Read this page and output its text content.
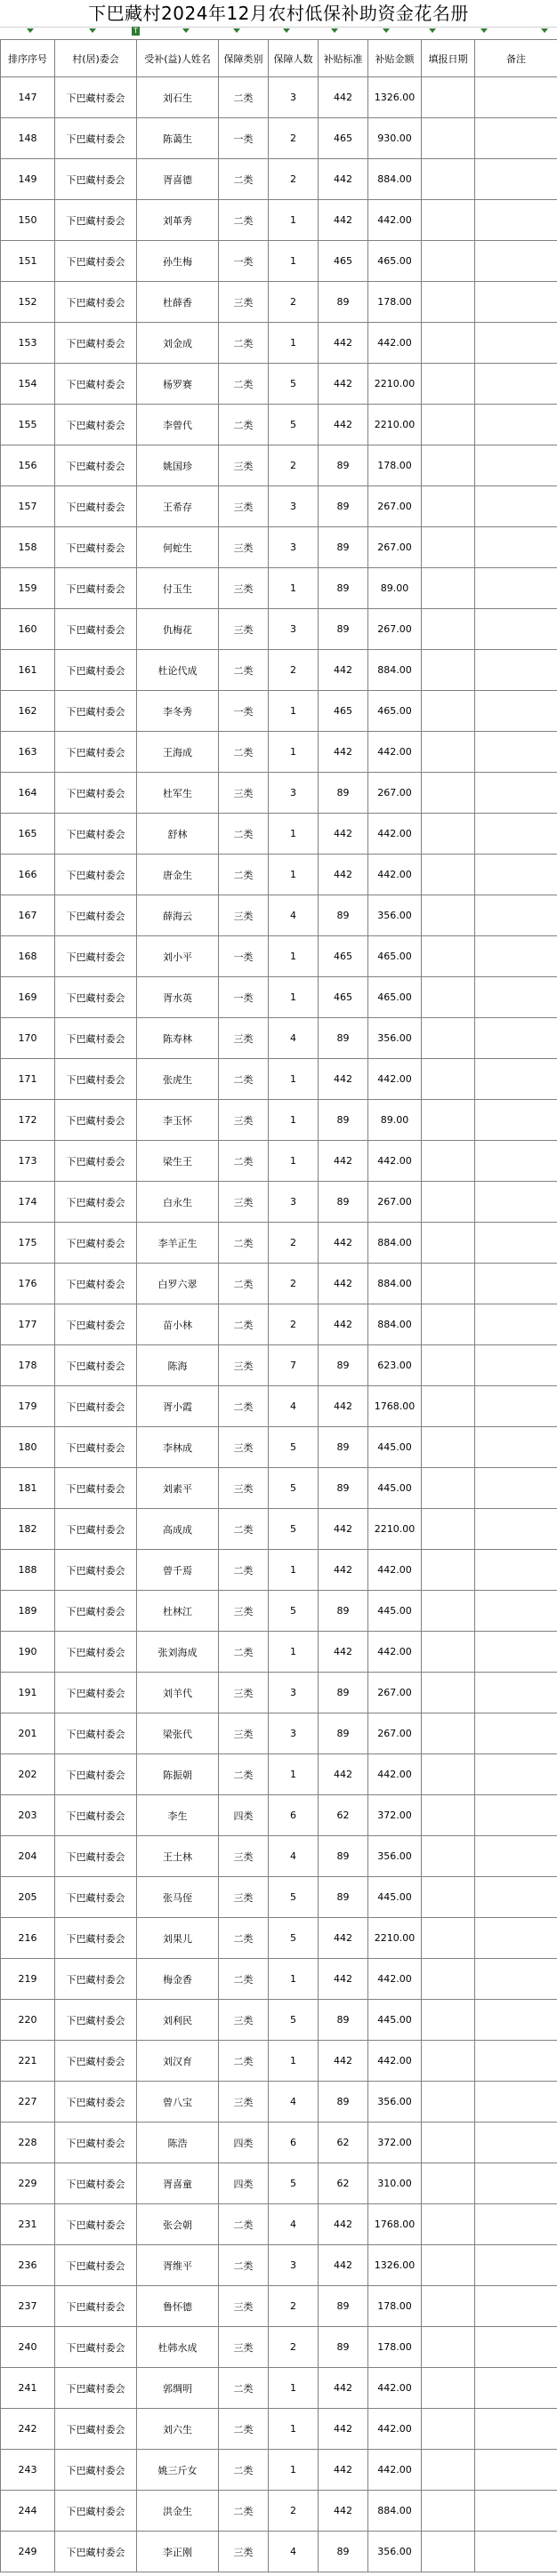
下巴藏村2024年12月农村低保补助资金花名册
T
排序序号	村(居)委会	受补(益)人姓名	保障类别	保障人数	补贴标准	补贴金额	填报日期	备注
147	下巴藏村委会	刘石生	二类	3	442	1326.00		
148	下巴藏村委会	陈蔼生	一类	2	465	930.00		
149	下巴藏村委会	胥喜德	二类	2	442	884.00		
150	下巴藏村委会	刘革秀	二类	1	442	442.00		
151	下巴藏村委会	孙生梅	一类	1	465	465.00		
152	下巴藏村委会	杜薛香	三类	2	89	178.00		
153	下巴藏村委会	刘金成	二类	1	442	442.00		
154	下巴藏村委会	杨罗赛	二类	5	442	2210.00		
155	下巴藏村委会	李曾代	二类	5	442	2210.00		
156	下巴藏村委会	姚国珍	三类	2	89	178.00		
157	下巴藏村委会	王希存	三类	3	89	267.00		
158	下巴藏村委会	何蛇生	三类	3	89	267.00		
159	下巴藏村委会	付玉生	三类	1	89	89.00		
160	下巴藏村委会	仇梅花	三类	3	89	267.00		
161	下巴藏村委会	杜论代成	二类	2	442	884.00		
162	下巴藏村委会	李冬秀	一类	1	465	465.00		
163	下巴藏村委会	王海成	二类	1	442	442.00		
164	下巴藏村委会	杜军生	三类	3	89	267.00		
165	下巴藏村委会	舒林	二类	1	442	442.00		
166	下巴藏村委会	唐金生	二类	1	442	442.00		
167	下巴藏村委会	薛海云	三类	4	89	356.00		
168	下巴藏村委会	刘小平	一类	1	465	465.00		
169	下巴藏村委会	胥水英	一类	1	465	465.00		
170	下巴藏村委会	陈寿林	三类	4	89	356.00		
171	下巴藏村委会	张虎生	二类	1	442	442.00		
172	下巴藏村委会	李玉怀	三类	1	89	89.00		
173	下巴藏村委会	梁生王	二类	1	442	442.00		
174	下巴藏村委会	白永生	三类	3	89	267.00		
175	下巴藏村委会	李羊正生	二类	2	442	884.00		
176	下巴藏村委会	白罗六翠	二类	2	442	884.00		
177	下巴藏村委会	苗小林	二类	2	442	884.00		
178	下巴藏村委会	陈海	三类	7	89	623.00		
179	下巴藏村委会	胥小霞	二类	4	442	1768.00		
180	下巴藏村委会	李林成	三类	5	89	445.00		
181	下巴藏村委会	刘素平	三类	5	89	445.00		
182	下巴藏村委会	高成成	二类	5	442	2210.00		
188	下巴藏村委会	曾千焉	二类	1	442	442.00		
189	下巴藏村委会	杜林江	三类	5	89	445.00		
190	下巴藏村委会	张刘海成	二类	1	442	442.00		
191	下巴藏村委会	刘羊代	三类	3	89	267.00		
201	下巴藏村委会	梁张代	三类	3	89	267.00		
202	下巴藏村委会	陈振朝	二类	1	442	442.00		
203	下巴藏村委会	李生	四类	6	62	372.00		
204	下巴藏村委会	王土林	三类	4	89	356.00		
205	下巴藏村委会	张马侄	三类	5	89	445.00		
216	下巴藏村委会	刘果儿	二类	5	442	2210.00		
219	下巴藏村委会	梅金香	二类	1	442	442.00		
220	下巴藏村委会	刘利民	三类	5	89	445.00		
221	下巴藏村委会	刘汉育	二类	1	442	442.00		
227	下巴藏村委会	曾八宝	三类	4	89	356.00		
228	下巴藏村委会	陈浩	四类	6	62	372.00		
229	下巴藏村委会	胥喜童	四类	5	62	310.00		
231	下巴藏村委会	张会朝	二类	4	442	1768.00		
236	下巴藏村委会	胥维平	二类	3	442	1326.00		
237	下巴藏村委会	鲁怀德	三类	2	89	178.00		
240	下巴藏村委会	杜韩水成	三类	2	89	178.00		
241	下巴藏村委会	郭绸明	二类	1	442	442.00		
242	下巴藏村委会	刘六生	二类	1	442	442.00		
243	下巴藏村委会	姚三斤女	二类	1	442	442.00		
244	下巴藏村委会	洪金生	二类	2	442	884.00		
249	下巴藏村委会	李正刚	三类	4	89	356.00		
